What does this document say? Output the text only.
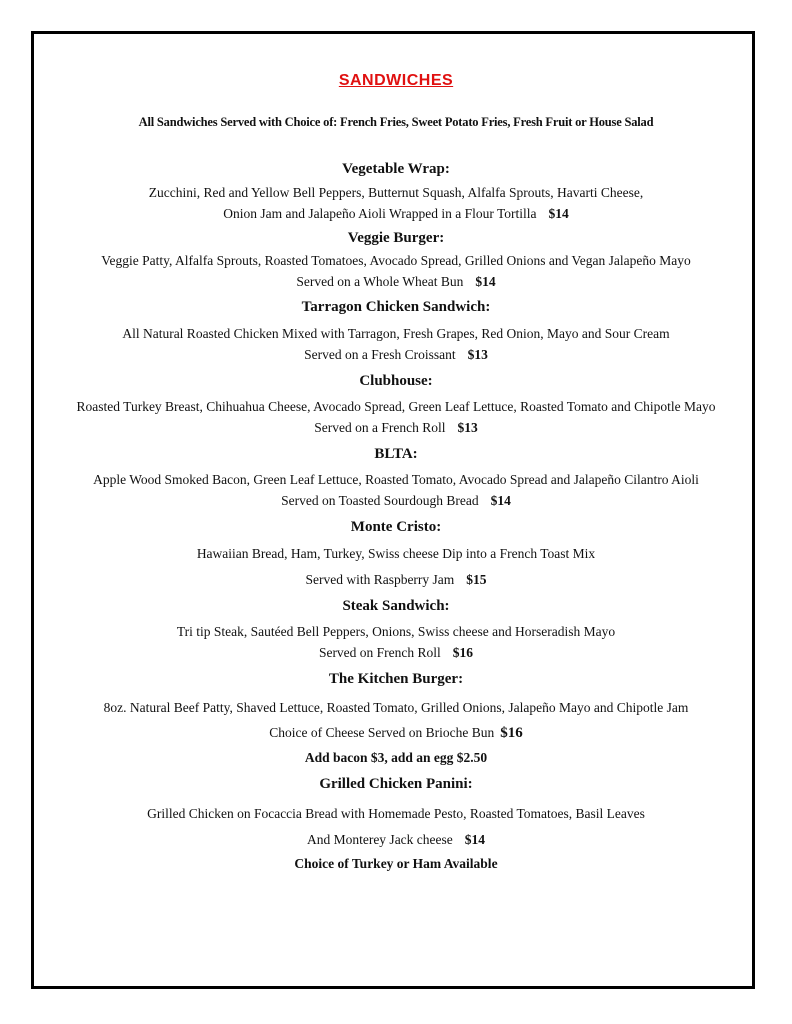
SANDWICHES
All Sandwiches Served with Choice of: French Fries, Sweet Potato Fries, Fresh Fruit or House Salad
Vegetable Wrap:
Zucchini, Red and Yellow Bell Peppers, Butternut Squash, Alfalfa Sprouts, Havarti Cheese,
Onion Jam and Jalapeño Aioli Wrapped in a Flour Tortilla $14
Veggie Burger:
Veggie Patty, Alfalfa Sprouts, Roasted Tomatoes, Avocado Spread, Grilled Onions and Vegan Jalapeño Mayo
Served on a Whole Wheat Bun $14
Tarragon Chicken Sandwich:
All Natural Roasted Chicken Mixed with Tarragon, Fresh Grapes, Red Onion, Mayo and Sour Cream
Served on a Fresh Croissant $13
Clubhouse:
Roasted Turkey Breast, Chihuahua Cheese, Avocado Spread, Green Leaf Lettuce, Roasted Tomato and Chipotle Mayo
Served on a French Roll $13
BLTA:
Apple Wood Smoked Bacon, Green Leaf Lettuce, Roasted Tomato, Avocado Spread and Jalapeño Cilantro Aioli
Served on Toasted Sourdough Bread $14
Monte Cristo:
Hawaiian Bread, Ham, Turkey, Swiss cheese Dip into a French Toast Mix
Served with Raspberry Jam $15
Steak Sandwich:
Tri tip Steak, Sautéed Bell Peppers, Onions, Swiss cheese and Horseradish Mayo
Served on French Roll $16
The Kitchen Burger:
8oz. Natural Beef Patty, Shaved Lettuce, Roasted Tomato, Grilled Onions, Jalapeño Mayo and Chipotle Jam
Choice of Cheese Served on Brioche Bun $16
Add bacon $3, add an egg $2.50
Grilled Chicken Panini:
Grilled Chicken on Focaccia Bread with Homemade Pesto, Roasted Tomatoes, Basil Leaves
And Monterey Jack cheese $14
Choice of Turkey or Ham Available
